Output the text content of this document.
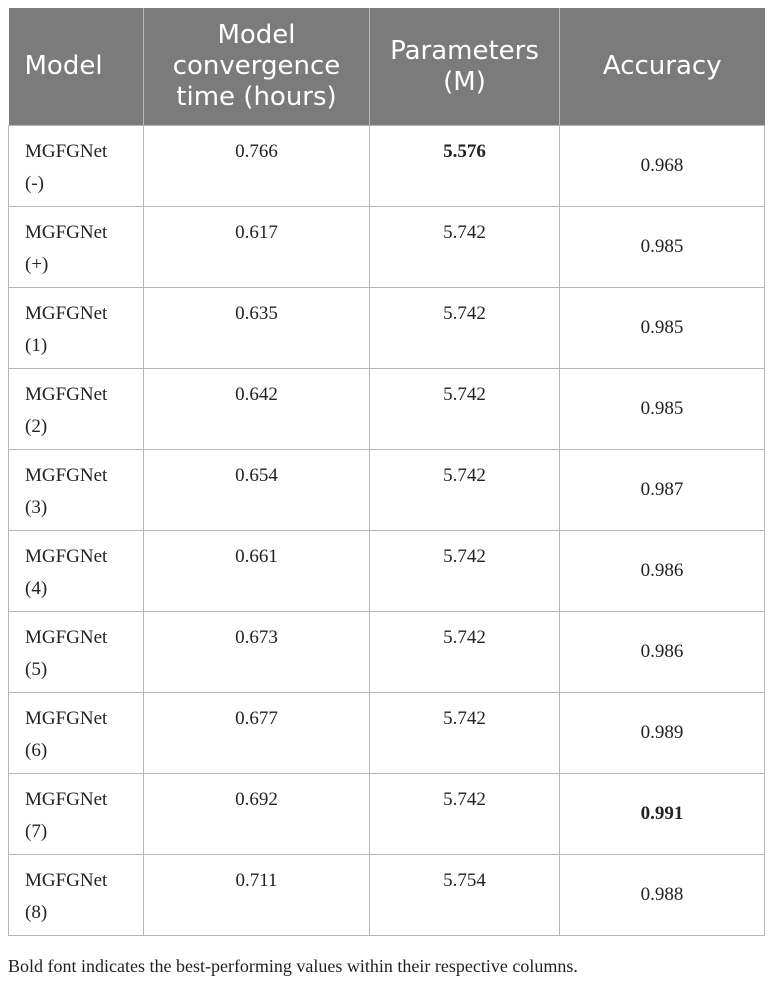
Model	Model convergence time (hours)	Parameters (M)	Accuracy

MGFGNet
(-)	0.766	5.576	0.968

MGFGNet
(+)	0.617	5.742	0.985

MGFGNet
(1)	0.635	5.742	0.985

MGFGNet
(2)	0.642	5.742	0.985

MGFGNet
(3)	0.654	5.742	0.987

MGFGNet
(4)	0.661	5.742	0.986

MGFGNet
(5)	0.673	5.742	0.986

MGFGNet
(6)	0.677	5.742	0.989

MGFGNet
(7)	0.692	5.742	0.991

MGFGNet
(8)	0.711	5.754	0.988
Bold font indicates the best-performing values within their respective columns.
